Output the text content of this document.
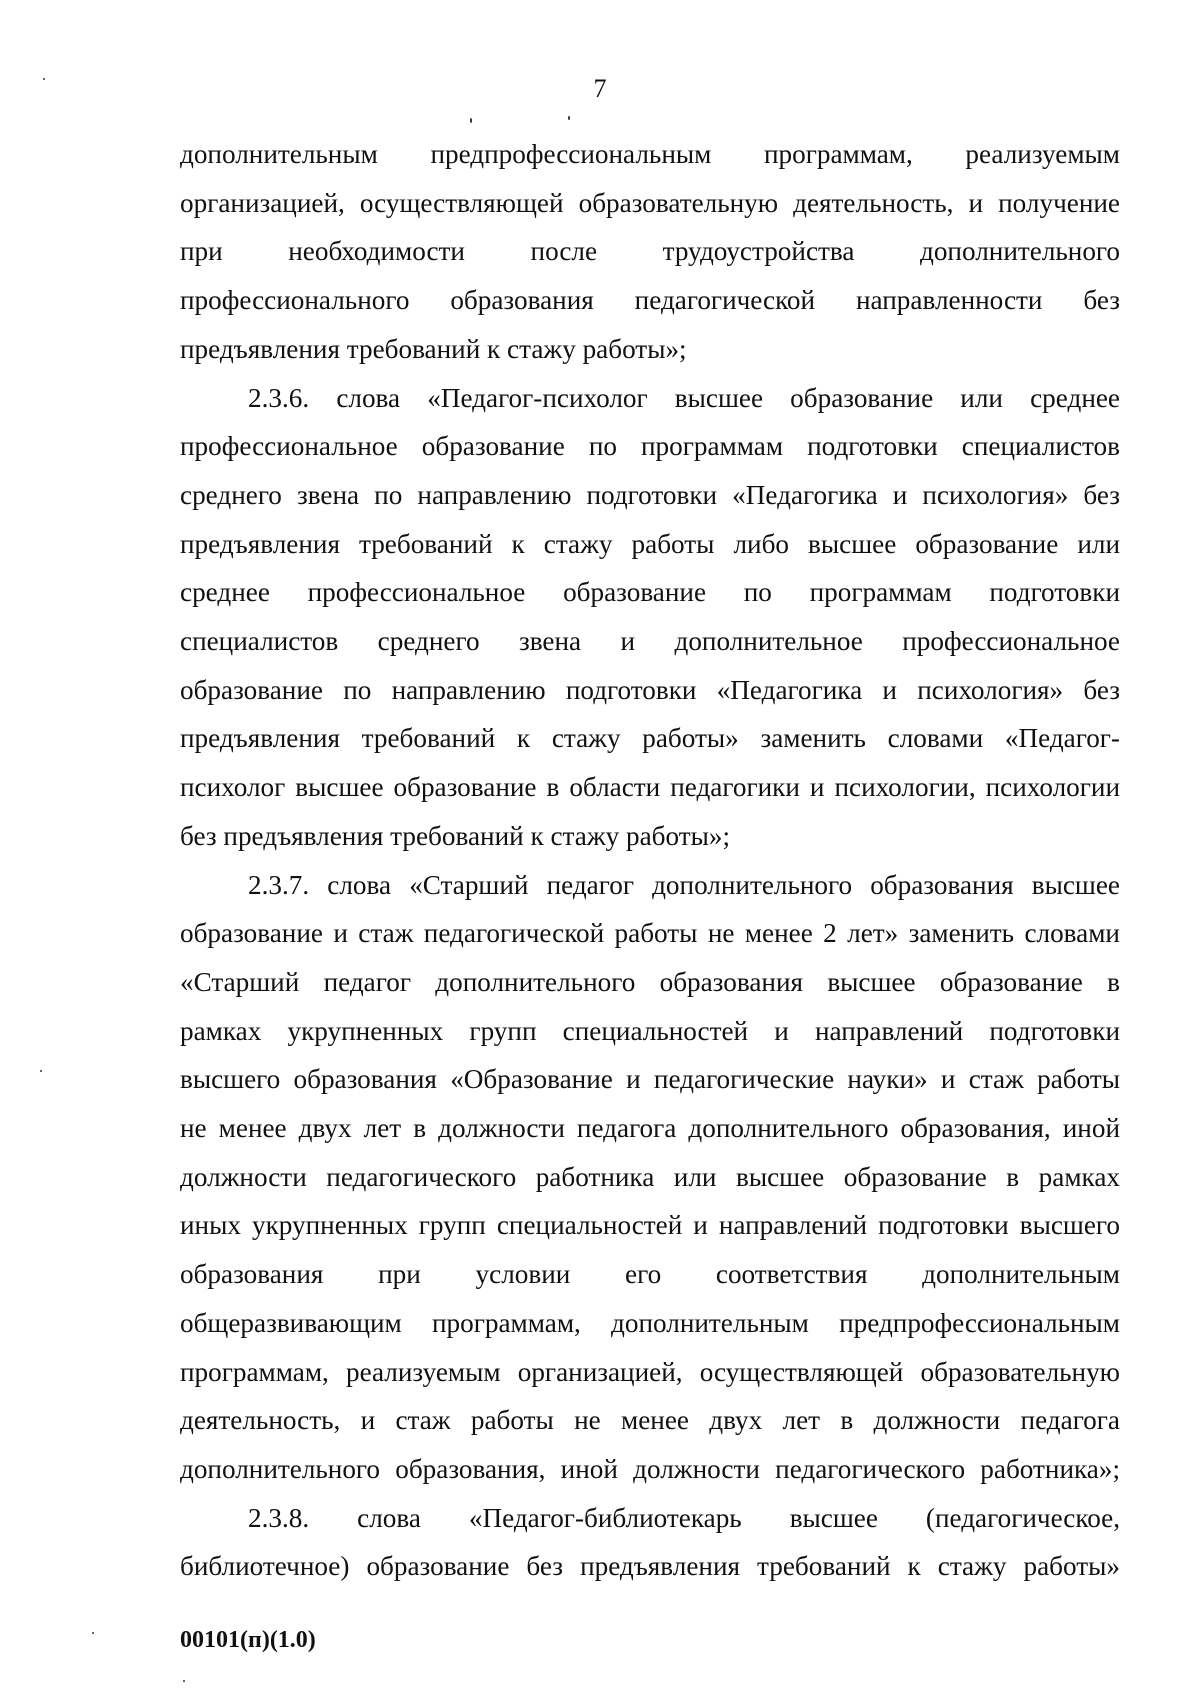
7
дополнительным предпрофессиональным программам, реализуемым
организацией, осуществляющей образовательную деятельность, и получение
при необходимости после трудоустройства дополнительного
профессионального образования педагогической направленности без
предъявления требований к стажу работы»;
2.3.6. слова «Педагог-психолог высшее образование или среднее
профессиональное образование по программам подготовки специалистов
среднего звена по направлению подготовки «Педагогика и психология» без
предъявления требований к стажу работы либо высшее образование или
среднее профессиональное образование по программам подготовки
специалистов среднего звена и дополнительное профессиональное
образование по направлению подготовки «Педагогика и психология» без
предъявления требований к стажу работы» заменить словами «Педагог-
психолог высшее образование в области педагогики и психологии, психологии
без предъявления требований к стажу работы»;
2.3.7. слова «Старший педагог дополнительного образования высшее
образование и стаж педагогической работы не менее 2 лет» заменить словами
«Старший педагог дополнительного образования высшее образование в
рамках укрупненных групп специальностей и направлений подготовки
высшего образования «Образование и педагогические науки» и стаж работы
не менее двух лет в должности педагога дополнительного образования, иной
должности педагогического работника или высшее образование в рамках
иных укрупненных групп специальностей и направлений подготовки высшего
образования при условии его соответствия дополнительным
общеразвивающим программам, дополнительным предпрофессиональным
программам, реализуемым организацией, осуществляющей образовательную
деятельность, и стаж работы не менее двух лет в должности педагога
дополнительного образования, иной должности педагогического работника»;
2.3.8. слова «Педагог-библиотекарь высшее (педагогическое,
библиотечное) образование без предъявления требований к стажу работы»
00101(п)(1.0)
